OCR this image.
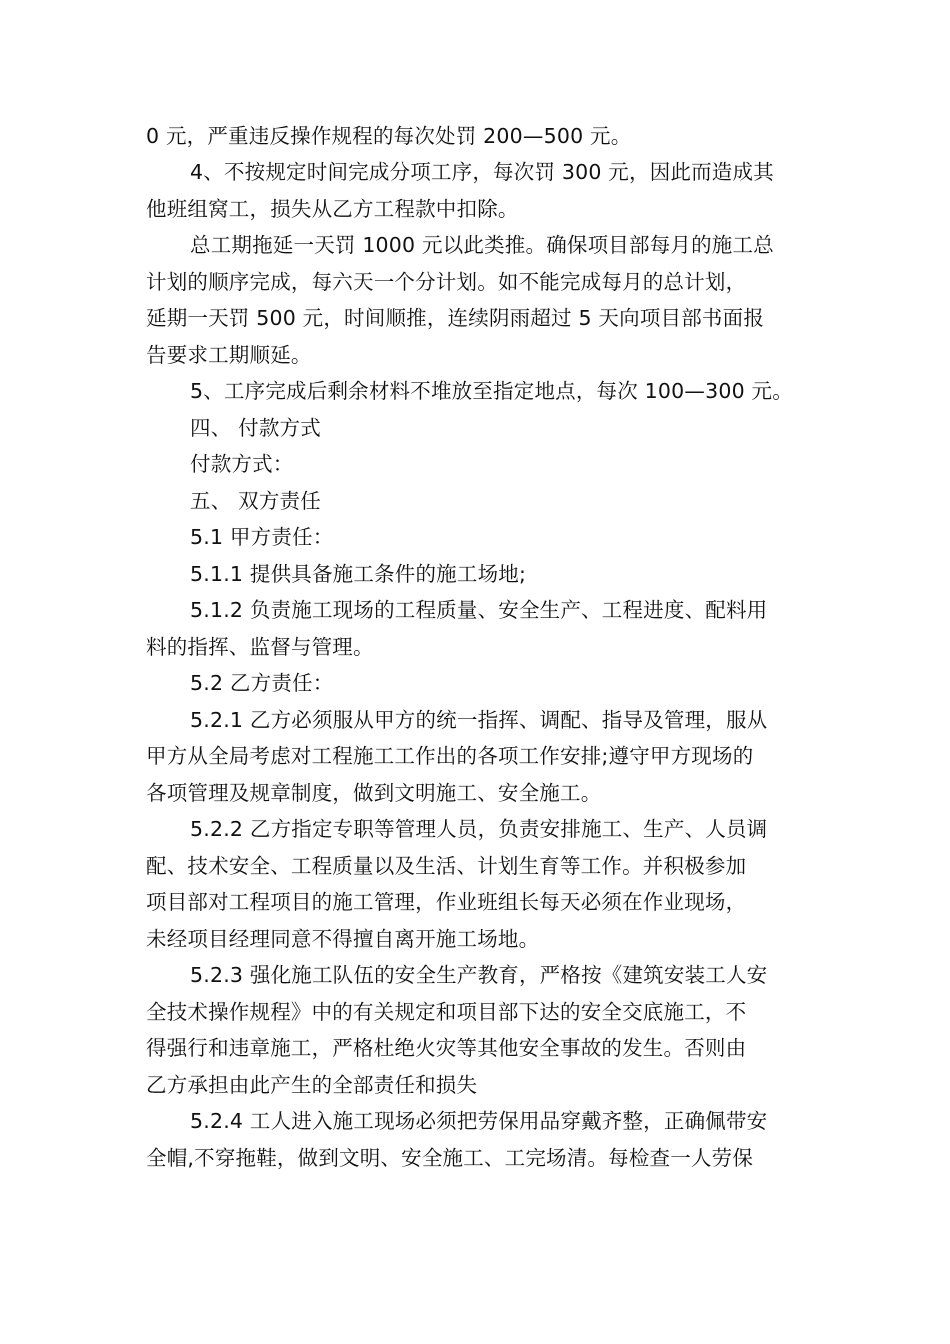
0 元，严重违反操作规程的每次处罚 200—500 元。
4、不按规定时间完成分项工序，每次罚 300 元，因此而造成其
他班组窝工，损失从乙方工程款中扣除。
总工期拖延一天罚 1000 元以此类推。确保项目部每月的施工总
计划的顺序完成，每六天一个分计划。如不能完成每月的总计划，
延期一天罚 500 元，时间顺推，连续阴雨超过 5 天向项目部书面报
告要求工期顺延。
5、工序完成后剩余材料不堆放至指定地点，每次 100—300 元。
四、 付款方式
付款方式：
五、 双方责任
5.1 甲方责任：
5.1.1 提供具备施工条件的施工场地;
5.1.2 负责施工现场的工程质量、安全生产、工程进度、配料用
料的指挥、监督与管理。
5.2 乙方责任：
5.2.1 乙方必须服从甲方的统一指挥、调配、指导及管理，服从
甲方从全局考虑对工程施工工作出的各项工作安排;遵守甲方现场的
各项管理及规章制度，做到文明施工、安全施工。
5.2.2 乙方指定专职等管理人员，负责安排施工、生产、人员调
配、技术安全、工程质量以及生活、计划生育等工作。并积极参加
项目部对工程项目的施工管理，作业班组长每天必须在作业现场，
未经项目经理同意不得擅自离开施工场地。
5.2.3 强化施工队伍的安全生产教育，严格按《建筑安装工人安
全技术操作规程》中的有关规定和项目部下达的安全交底施工，不
得强行和违章施工，严格杜绝火灾等其他安全事故的发生。否则由
乙方承担由此产生的全部责任和损失
5.2.4 工人进入施工现场必须把劳保用品穿戴齐整，正确佩带安
全帽,不穿拖鞋，做到文明、安全施工、工完场清。每检查一人劳保
